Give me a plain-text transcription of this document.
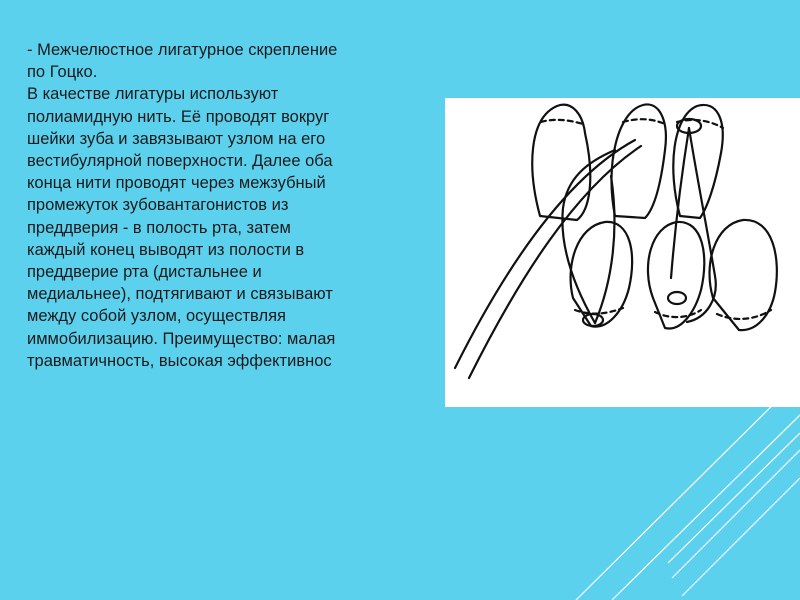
- Межчелюстное лигатурное скрепление
по Гоцко.
В качестве лигатуры используют
полиамидную нить. Её проводят вокруг
шейки зуба и завязывают узлом на его
вестибулярной поверхности. Далее оба
конца нити проводят через межзубный
промежуток зубовантагонистов из
преддверия - в полость рта, затем
каждый конец выводят из полости в
преддверие рта (дистальнее и
медиальнее), подтягивают и связывают
между собой узлом, осуществляя
иммобилизацию. Преимущество: малая
травматичность, высокая эффективнос
